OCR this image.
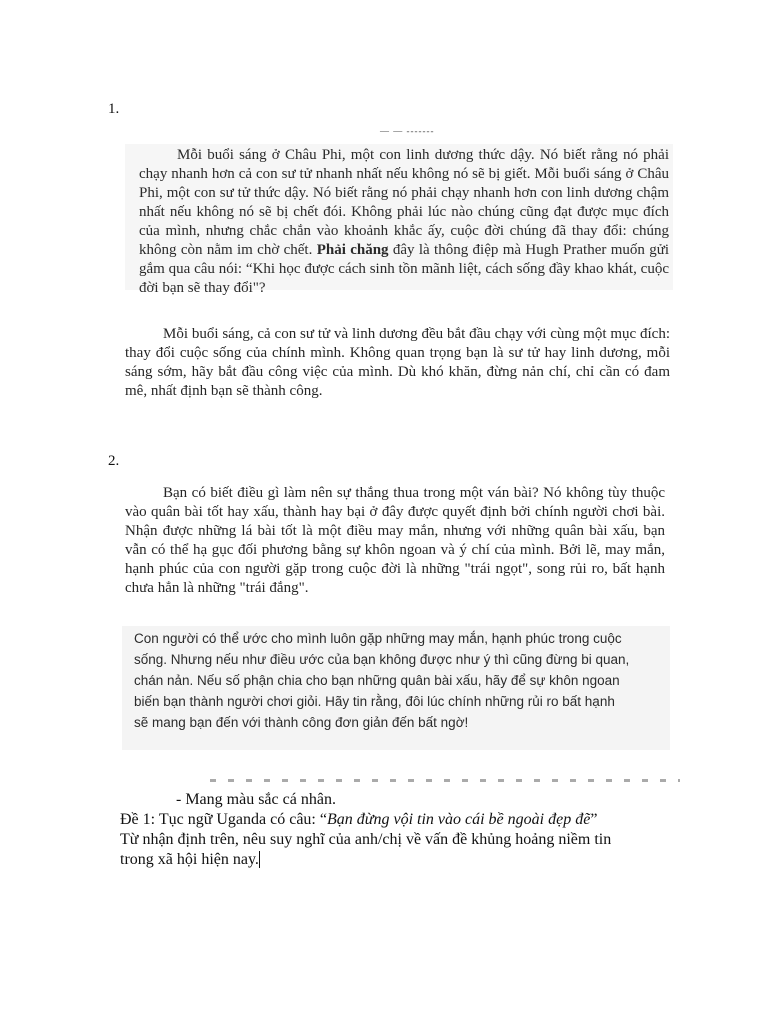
1.
— — -------

Mỗi buổi sáng ở Châu Phi, một con linh dương thức dậy. Nó biết rằng nó phải chạy nhanh hơn cả con sư tử nhanh nhất nếu không nó sẽ bị giết. Mỗi buổi sáng ở Châu Phi, một con sư tử thức dậy. Nó biết rằng nó phải chạy nhanh hơn con linh dương chậm nhất nếu không nó sẽ bị chết đói. Không phải lúc nào chúng cũng đạt được mục đích của mình, nhưng chắc chắn vào khoảnh khắc ấy, cuộc đời chúng đã thay đổi: chúng không còn nằm im chờ chết. Phải chăng đây là thông điệp mà Hugh Prather muốn gửi gắm qua câu nói: “Khi học được cách sinh tồn mãnh liệt, cách sống đầy khao khát, cuộc đời bạn sẽ thay đổi"?

Mỗi buổi sáng, cả con sư tử và linh dương đều bắt đầu chạy với cùng một mục đích: thay đổi cuộc sống của chính mình. Không quan trọng bạn là sư tử hay linh dương, mỗi sáng sớm, hãy bắt đầu công việc của mình. Dù khó khăn, đừng nản chí, chỉ cần có đam mê, nhất định bạn sẽ thành công.

2.

Bạn có biết điều gì làm nên sự thắng thua trong một ván bài? Nó không tùy thuộc vào quân bài tốt hay xấu, thành hay bại ở đây được quyết định bởi chính người chơi bài. Nhận được những lá bài tốt là một điều may mắn, nhưng với những quân bài xấu, bạn vẫn có thể hạ gục đối phương bằng sự khôn ngoan và ý chí của mình. Bởi lẽ, may mắn, hạnh phúc của con người gặp trong cuộc đời là những "trái ngọt", song rủi ro, bất hạnh chưa hẳn là những "trái đắng".

Con người có thể ước cho mình luôn gặp những may mắn, hạnh phúc trong cuộc

sống. Nhưng nếu như điều ước của bạn không được như ý thì cũng đừng bi quan,

chán nản. Nếu số phận chia cho bạn những quân bài xấu, hãy để sự khôn ngoan

biến bạn thành người chơi giỏi. Hãy tin rằng, đôi lúc chính những rủi ro bất hạnh

sẽ mang bạn đến với thành công đơn giản đến bất ngờ!

- Mang màu sắc cá nhân.

Đề 1: Tục ngữ Uganda có câu: “Bạn đừng vội tin vào cái bề ngoài đẹp đẽ”

Từ nhận định trên, nêu suy nghĩ của anh/chị về vấn đề khủng hoảng niềm tin

trong xã hội hiện nay.
